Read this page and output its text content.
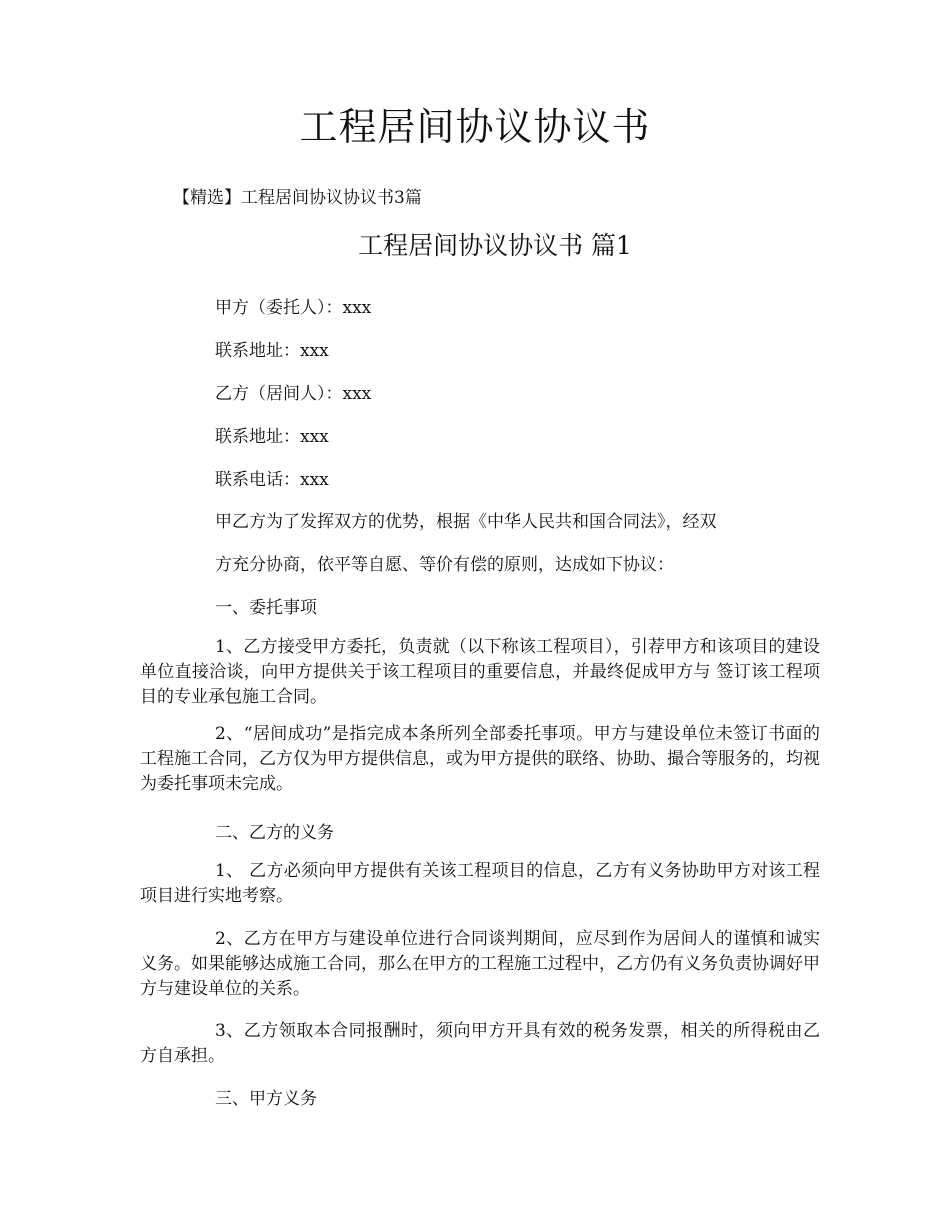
工程居间协议协议书
【精选】工程居间协议协议书3篇
工程居间协议协议书 篇1
甲方（委托人）：xxx
联系地址：xxx
乙方（居间人）：xxx
联系地址：xxx
联系电话：xxx
甲乙方为了发挥双方的优势，根据《中华人民共和国合同法》，经双
方充分协商，依平等自愿、等价有偿的原则，达成如下协议：
一、委托事项

1、乙方接受甲方委托，负责就（以下称该工程项目），引荐甲方和该项目的建设单位直接洽谈，向甲方提供关于该工程项目的重要信息，并最终促成甲方与 签订该工程项目的专业承包施工合同。

2、“居间成功”是指完成本条所列全部委托事项。甲方与建设单位未签订书面的工程施工合同，乙方仅为甲方提供信息，或为甲方提供的联络、协助、撮合等服务的，均视为委托事项未完成。

二、乙方的义务

1、 乙方必须向甲方提供有关该工程项目的信息，乙方有义务协助甲方对该工程项目进行实地考察。

2、乙方在甲方与建设单位进行合同谈判期间，应尽到作为居间人的谨慎和诚实义务。如果能够达成施工合同，那么在甲方的工程施工过程中，乙方仍有义务负责协调好甲方与建设单位的关系。

3、乙方领取本合同报酬时，须向甲方开具有效的税务发票，相关的所得税由乙方自承担。

三、甲方义务
